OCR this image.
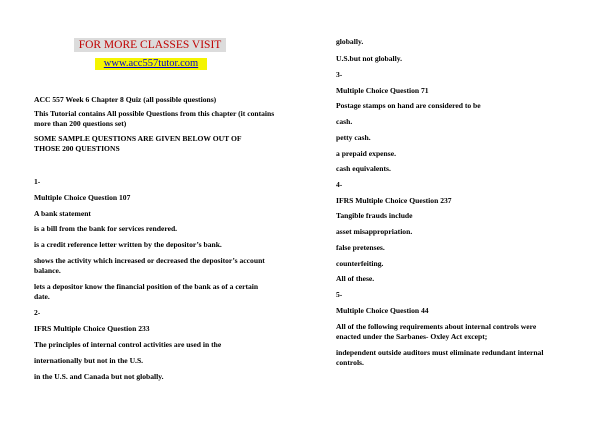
FOR MORE CLASSES VISIT
www.acc557tutor.com

ACC 557 Week 6 Chapter 8 Quiz (all possible questions)

This Tutorial contains All possible Questions from this chapter (it contains more than 200 questions set)

SOME SAMPLE QUESTIONS ARE GIVEN BELOW OUT OF THOSE 200 QUESTIONS

1-

Multiple Choice Question 107

A bank statement

is a bill from the bank for services rendered.

is a credit reference letter written by the depositor’s bank.

shows the activity which increased or decreased the depositor’s account balance.

lets a depositor know the financial position of the bank as of a certain date.

2-

IFRS Multiple Choice Question 233

The principles of internal control activities are used in the

internationally but not in the U.S.

in the U.S. and Canada but not globally.

globally.

U.S.but not globally.

3-

Multiple Choice Question 71

Postage stamps on hand are considered to be

cash.

petty cash.

a prepaid expense.

cash equivalents.

4-

IFRS Multiple Choice Question 237

Tangible frauds include

asset misappropriation.

false pretenses.

counterfeiting.

All of these.

5-

Multiple Choice Question 44

All of the following requirements about internal controls were enacted under the Sarbanes- Oxley Act except;

independent outside auditors must eliminate redundant internal controls.
